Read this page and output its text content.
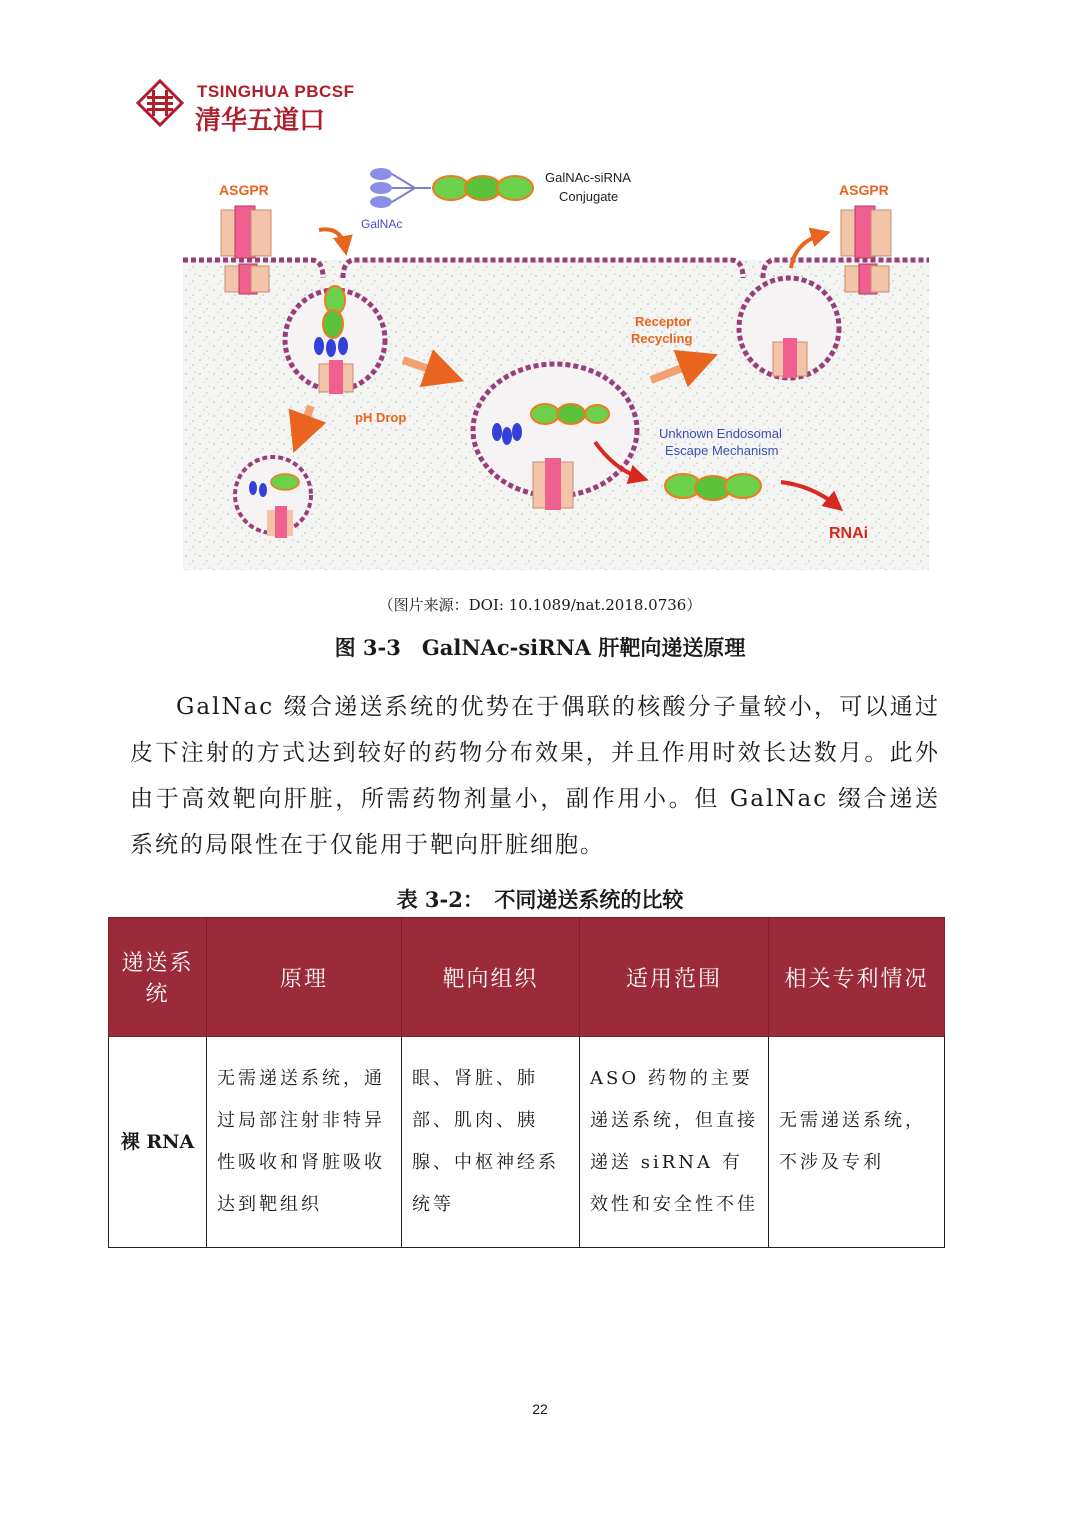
TSINGHUA PBCSF
清华五道口
ASGPR
GalNAc
GalNAc-siRNA
Conjugate
pH Drop
Unknown Endosomal
Escape Mechanism
RNAi
Receptor
Recycling
ASGPR
（图片来源：DOI: 10.1089/nat.2018.0736）
图 3-3　GalNAc-siRNA 肝靶向递送原理

GalNac 缀合递送系统的优势在于偶联的核酸分子量较小，可以通过皮下注射的方式达到较好的药物分布效果，并且作用时效长达数月。此外由于高效靶向肝脏，所需药物剂量小，副作用小。但 GalNac 缀合递送系统的局限性在于仅能用于靶向肝脏细胞。

表 3-2：　不同递送系统的比较
递送系统	原理	靶向组织	适用范围	相关专利情况
裸 RNA	无需递送系统，通过局部注射非特异性吸收和肾脏吸收达到靶组织	眼、肾脏、肺部、肌肉、胰腺、中枢神经系统等	ASO 药物的主要递送系统，但直接递送 siRNA 有效性和安全性不佳	无需递送系统，不涉及专利
22
